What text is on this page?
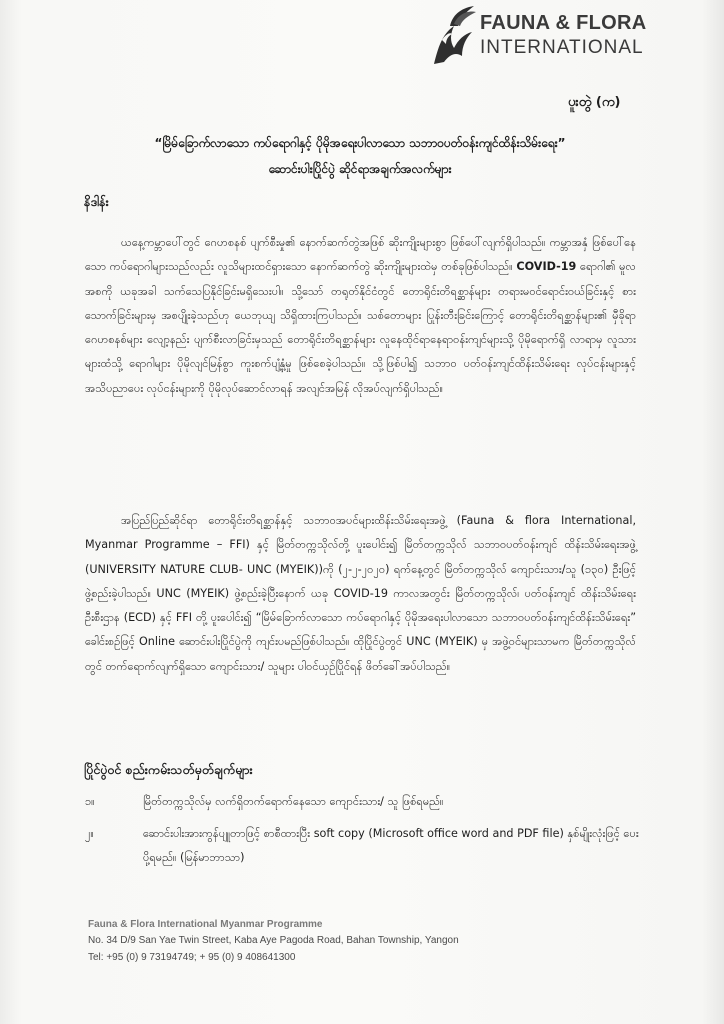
FAUNA & FLORA
INTERNATIONAL
ပူးတွဲ (က)
“မြိမ်ခြောက်လာသော ကပ်ရောဂါနှင့် ပိုမိုအရေးပါလာသော သဘာဝပတ်ဝန်းကျင်ထိန်းသိမ်းရေး”
ဆောင်းပါးပြိုင်ပွဲ ဆိုင်ရာအချက်အလက်များ
နိဒါန်း

ယနေ့ကမ္ဘာပေါ်တွင် ဂေဟစနစ် ပျက်စီးမှု၏ နောက်ဆက်တွဲအဖြစ် ဆိုးကျိုးများစွာ ဖြစ်ပေါ်လျက်ရှိပါသည်။ ကမ္ဘာအနှံ ဖြစ်ပေါ်နေသော ကပ်ရောဂါများသည်လည်း လူသိများထင်ရှားသော နောက်ဆက်တွဲ ဆိုးကျိုးများထဲမှ တစ်ခုဖြစ်ပါသည်။ COVID-19 ရောဂါ၏ မူလအစကို ယခုအခါ သက်သေပြနိုင်ခြင်းမရှိသေးပါ။ သို့သော် တရုတ်နိုင်ငံတွင် တောရိုင်းတိရစ္ဆာန်များ တရားမဝင်ရောင်းဝယ်ခြင်းနှင့် စားသောက်ခြင်းများမှ အစပျိုးခဲ့သည်ဟု ယေဘုယျ သိရှိထားကြပါသည်။ သစ်တောများ ပြုန်းတီးခြင်းကြောင့် တောရိုင်းတိရစ္ဆာန်များ၏ မှီခိုရာဂေဟစနစ်များ လျော့နည်း ပျက်စီးလာခြင်းမှသည် တောရိုင်းတိရစ္ဆာန်များ လူနေထိုင်ရာနေရာဝန်းကျင်များသို့ ပိုမိုရောက်ရှိ လာရာမှ လူသားများထံသို့ ရောဂါများ ပိုမိုလျင်မြန်စွာ ကူးစက်ပျံ့နှံ့မှု ဖြစ်စေခဲ့ပါသည်။ သို့ဖြစ်ပါ၍ သဘာဝ ပတ်ဝန်းကျင်ထိန်းသိမ်းရေး လုပ်ငန်းများနှင့် အသိပညာပေး လုပ်ငန်းများကို ပိုမိုလုပ်ဆောင်လာရန် အလျင်အမြန် လိုအပ်လျက်ရှိပါသည်။

အပြည်ပြည်ဆိုင်ရာ တောရိုင်းတိရစ္ဆာန်နှင့် သဘာဝအပင်များထိန်းသိမ်းရေးအဖွဲ့ (Fauna & flora International, Myanmar Programme – FFI) နှင့် မြိတ်တက္ကသိုလ်တို့ ပူးပေါင်း၍ မြိတ်တက္ကသိုလ် သဘာဝပတ်ဝန်းကျင် ထိန်းသိမ်းရေးအဖွဲ့ (UNIVERSITY NATURE CLUB- UNC (MYEIK))ကို (၂-၂-၂၀၂၀) ရက်နေ့တွင် မြိတ်တက္ကသိုလ် ကျောင်းသား/သူ (၁၃၀) ဦးဖြင့် ဖွဲ့စည်းခဲ့ပါသည်။ UNC (MYEIK) ဖွဲ့စည်းခဲ့ပြီးနောက် ယခု COVID-19 ကာလအတွင်း မြိတ်တက္ကသိုလ်၊ ပတ်ဝန်းကျင် ထိန်းသိမ်းရေး ဦးစီးဌာန (ECD) နှင့် FFI တို့ ပူးပေါင်း၍ “မြိမ်ခြောက်လာသော ကပ်ရောဂါနှင့် ပိုမိုအရေးပါလာသော သဘာဝပတ်ဝန်းကျင်ထိန်းသိမ်းရေး” ခေါင်းစဉ်ဖြင့် Online ဆောင်းပါးပြိုင်ပွဲကို ကျင်းပမည်ဖြစ်ပါသည်။ ထိုပြိုင်ပွဲတွင် UNC (MYEIK) မှ အဖွဲ့ဝင်များသာမက မြိတ်တက္ကသိုလ်တွင် တက်ရောက်လျက်ရှိသော ကျောင်းသား/ သူများ ပါဝင်ယှဉ်ပြိုင်ရန် ဖိတ်ခေါ်အပ်ပါသည်။

ပြိုင်ပွဲဝင် စည်းကမ်းသတ်မှတ်ချက်များ
၁။	မြိတ်တက္ကသိုလ်မှ လက်ရှိတက်ရောက်နေသော ကျောင်းသား/ သူ ဖြစ်ရမည်။
၂။	ဆောင်းပါးအားကွန်ပျူတာဖြင့် စာစီထားပြီး soft copy (Microsoft office word and PDF file) နှစ်မျိုးလုံးဖြင့် ပေးပို့ရမည်။ (မြန်မာဘာသာ)
Fauna & Flora International Myanmar Programme
No. 34 D/9 San Yae Twin Street, Kaba Aye Pagoda Road, Bahan Township, Yangon
Tel: +95 (0) 9 73194749; + 95 (0) 9 408641300
